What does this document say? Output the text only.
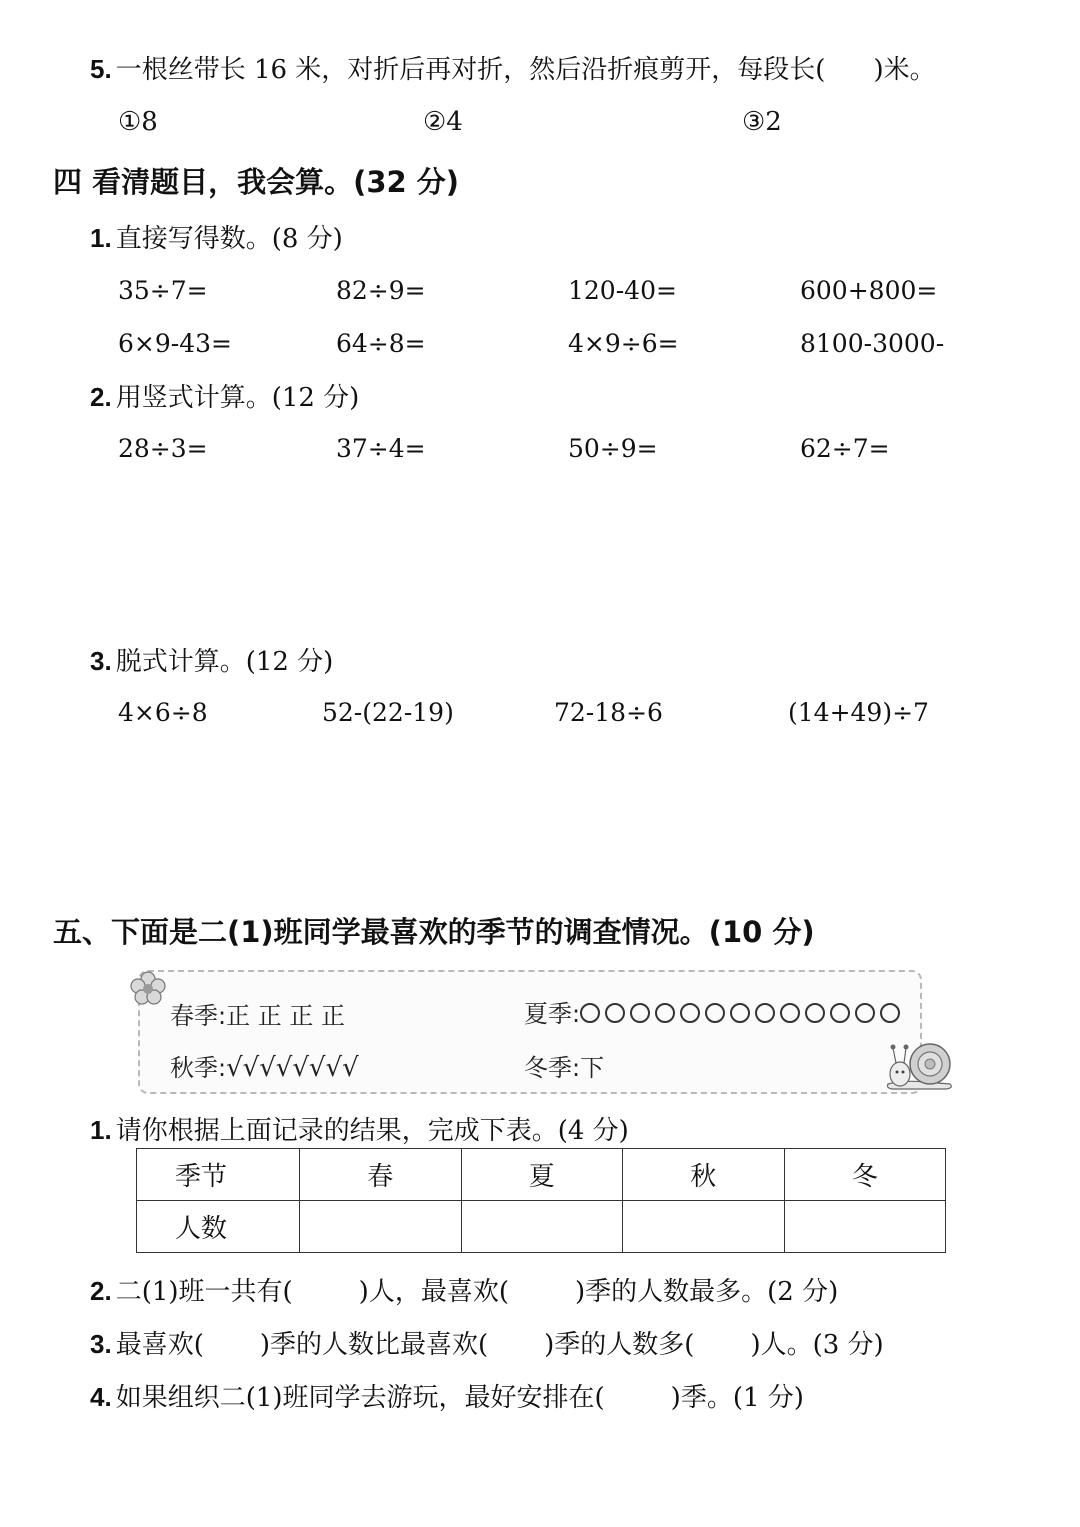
5. 一根丝带长 16 米，对折后再对折，然后沿折痕剪开，每段长( )米。
①8	②4	③2
四 看清题目，我会算。(32 分)
1. 直接写得数。(8 分)
35÷7=	82÷9=	120-40=	600+800=
6×9-43=	64÷8=	4×9÷6=	8100-3000-
2. 用竖式计算。(12 分)
28÷3=	37÷4=	50÷9=	62÷7=
3. 脱式计算。(12 分)
4×6÷8	52-(22-19)	72-18÷6	(14+49)÷7
五、下面是二(1)班同学最喜欢的季节的调查情况。(10 分)
春季:正 正 正 正	夏季:
秋季:√√√√√√√√	冬季:下
1. 请你根据上面记录的结果，完成下表。(4 分)
季节	春	夏	秋	冬
人数				
2. 二(1)班一共有(	)人，最喜欢(	)季的人数最多。(2 分)
3. 最喜欢( )季的人数比最喜欢( )季的人数多( )人。(3 分)
4. 如果组织二(1)班同学去游玩，最好安排在(	)季。(1 分)
